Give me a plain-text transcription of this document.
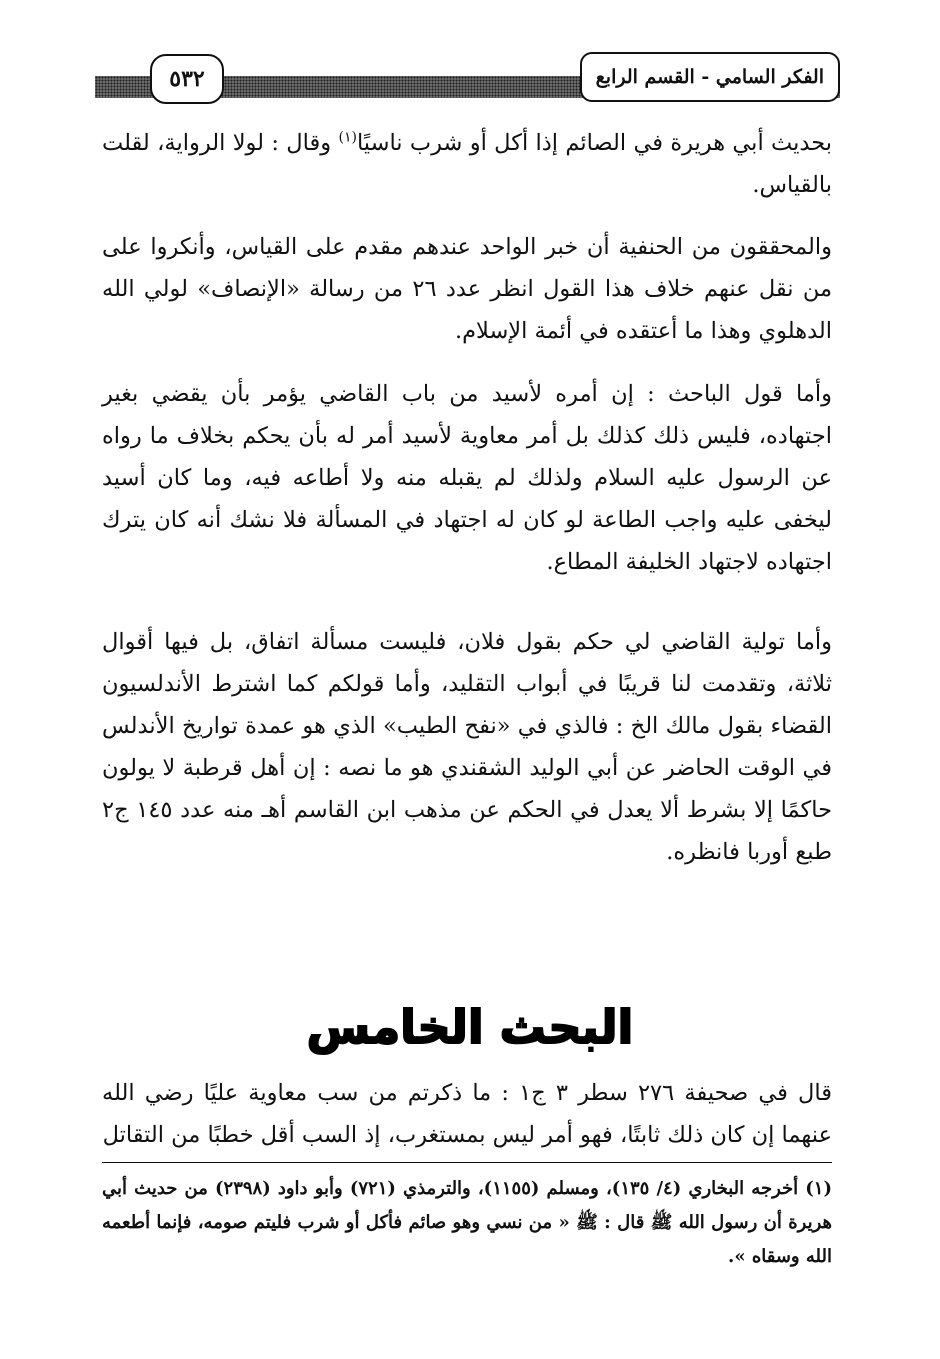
الفكر السامي - القسم الرابع
٥٣٢

بحديث أبي هريرة في الصائم إذا أكل أو شرب ناسيًا$^{(١)}$ وقال : لولا الرواية، لقلت بالقياس.

والمحققون من الحنفية أن خبر الواحد عندهم مقدم على القياس، وأنكروا على من نقل عنهم خلاف هذا القول انظر عدد ٢٦ من رسالة «الإنصاف» لولي الله الدهلوي وهذا ما أعتقده في أئمة الإسلام.

وأما قول الباحث : إن أمره لأسيد من باب القاضي يؤمر بأن يقضي بغير اجتهاده، فليس ذلك كذلك بل أمر معاوية لأسيد أمر له بأن يحكم بخلاف ما رواه عن الرسول عليه السلام ولذلك لم يقبله منه ولا أطاعه فيه، وما كان أسيد ليخفى عليه واجب الطاعة لو كان له اجتهاد في المسألة فلا نشك أنه كان يترك اجتهاده لاجتهاد الخليفة المطاع.

وأما تولية القاضي لي حكم بقول فلان، فليست مسألة اتفاق، بل فيها أقوال ثلاثة، وتقدمت لنا قريبًا في أبواب التقليد، وأما قولكم كما اشترط الأندلسيون القضاء بقول مالك الخ : فالذي في «نفح الطيب» الذي هو عمدة تواريخ الأندلس في الوقت الحاضر عن أبي الوليد الشقندي هو ما نصه : إن أهل قرطبة لا يولون حاكمًا إلا بشرط ألا يعدل في الحكم عن مذهب ابن القاسم أهـ منه عدد ١٤٥ ج٢ طبع أوربا فانظره.

البحث الخامس

قال في صحيفة ٢٧٦ سطر ٣ ج١ : ما ذكرتم من سب معاوية عليًا رضي الله عنهما إن كان ذلك ثابتًا، فهو أمر ليس بمستغرب، إذ السب أقل خطبًا من التقاتل

(١) أخرجه البخاري (٤/ ١٣٥)، ومسلم (١١٥٥)، والترمذي (٧٢١) وأبو داود (٢٣٩٨) من حديث أبي هريرة أن رسول الله ﷺ قال : ﷺ « من نسي وهو صائم فأكل أو شرب فليتم صومه، فإنما أطعمه الله وسقاه ».
